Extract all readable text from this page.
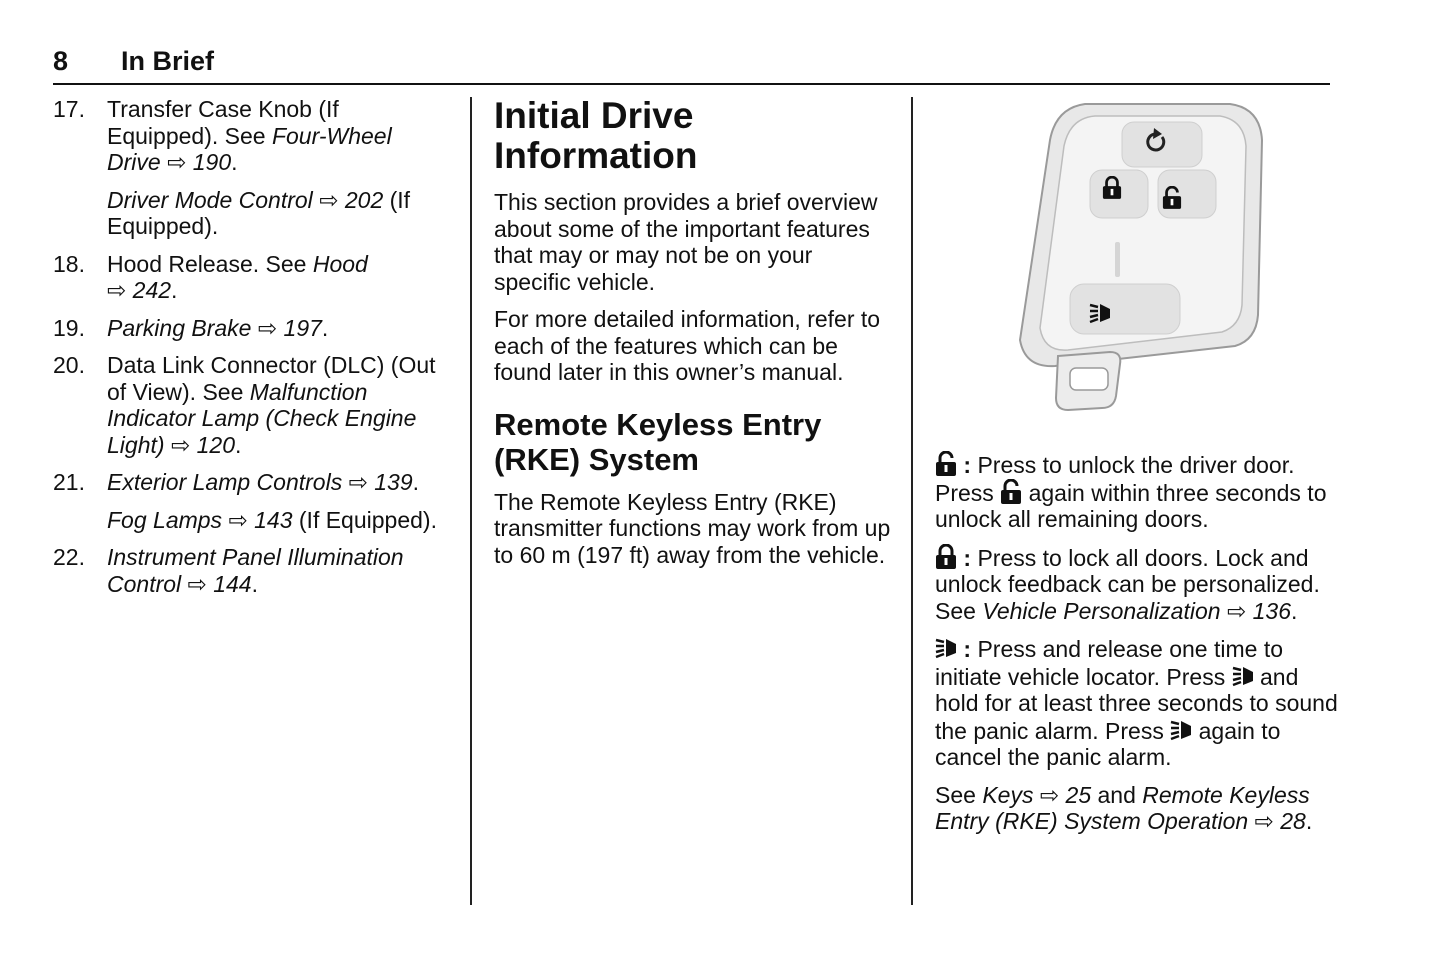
8 In Brief
17. Transfer Case Knob (If Equipped). See Four-Wheel Drive ⇨ 190.
Driver Mode Control ⇨ 202 (If Equipped).
18. Hood Release. See Hood
⇨ 242.
19. Parking Brake ⇨ 197.
20. Data Link Connector (DLC) (Out of View). See Malfunction Indicator Lamp (Check Engine Light) ⇨ 120.
21. Exterior Lamp Controls ⇨ 139.
Fog Lamps ⇨ 143 (If Equipped).
22. Instrument Panel Illumination Control ⇨ 144.
Initial Drive Information

This section provides a brief overview about some of the important features that may or may not be on your specific vehicle.

For more detailed information, refer to each of the features which can be found later in this owner’s manual.

Remote Keyless Entry (RKE) System

The Remote Keyless Entry (RKE) transmitter functions may work from up to 60 m (197 ft) away from the vehicle.

: Press to unlock the driver door. Press  again within three seconds to unlock all remaining doors.

: Press to lock all doors. Lock and unlock feedback can be personalized. See Vehicle Personalization ⇨ 136.

: Press and release one time to initiate vehicle locator. Press  and hold for at least three seconds to sound the panic alarm. Press  again to cancel the panic alarm.

See Keys ⇨ 25 and Remote Keyless Entry (RKE) System Operation ⇨ 28.
